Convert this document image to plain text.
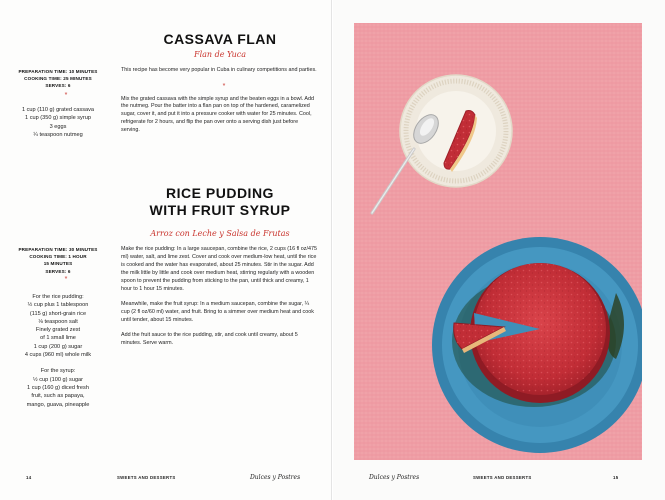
CASSAVA FLAN
Flan de Yuca
PREPARATION TIME: 10 MINUTES
COOKING TIME: 25 MINUTES
SERVES: 6
*
1 cup (110 g) grated cassava
1 cup (350 g) simple syrup
3 eggs
¼ teaspoon nutmeg

This recipe has become very popular in Cuba in culinary competitions and parties.

*

Mix the grated cassava with the simple syrup and the beaten eggs in a bowl. Add the nutmeg. Pour the batter into a flan pan on top of the hardened, caramelized sugar, cover it, and put it into a pressure cooker with water for 25 minutes. Cool, refrigerate for 2 hours, and flip the pan over onto a serving dish just before serving.

RICE PUDDING
WITH FRUIT SYRUP
Arroz con Leche y Salsa de Frutas
PREPARATION TIME: 30 MINUTES
COOKING TIME: 1 HOUR
15 MINUTES
SERVES: 6
*
For the rice pudding:
½ cup plus 1 tablespoon
(115 g) short-grain rice
⅛ teaspoon salt
Finely grated zest
of 1 small lime
1 cup (200 g) sugar
4 cups (960 ml) whole milk
For the syrup:
½ cup (100 g) sugar
1 cup (160 g) diced fresh
fruit, such as papaya,
mango, guava, pineapple

Make the rice pudding: In a large saucepan, combine the rice, 2 cups (16 fl oz/475 ml) water, salt, and lime zest. Cover and cook over medium-low heat, until the rice is cooked and the water has evaporated, about 25 minutes. Stir in the sugar. Add the milk little by little and cook over medium heat, stirring regularly with a wooden spoon to prevent the pudding from sticking to the pan, until thick and creamy, 1 hour to 1 hour 15 minutes.

Meanwhile, make the fruit syrup: In a medium saucepan, combine the sugar, ¼ cup (2 fl oz/60 ml) water, and fruit. Bring to a simmer over medium heat and cook until tender, about 15 minutes.

Add the fruit sauce to the rice pudding, stir, and cook until creamy, about 5 minutes. Serve warm.

14	SWEETS AND DESSERTS	Dulces y Postres	Dulces y Postres	SWEETS AND DESSERTS	15
